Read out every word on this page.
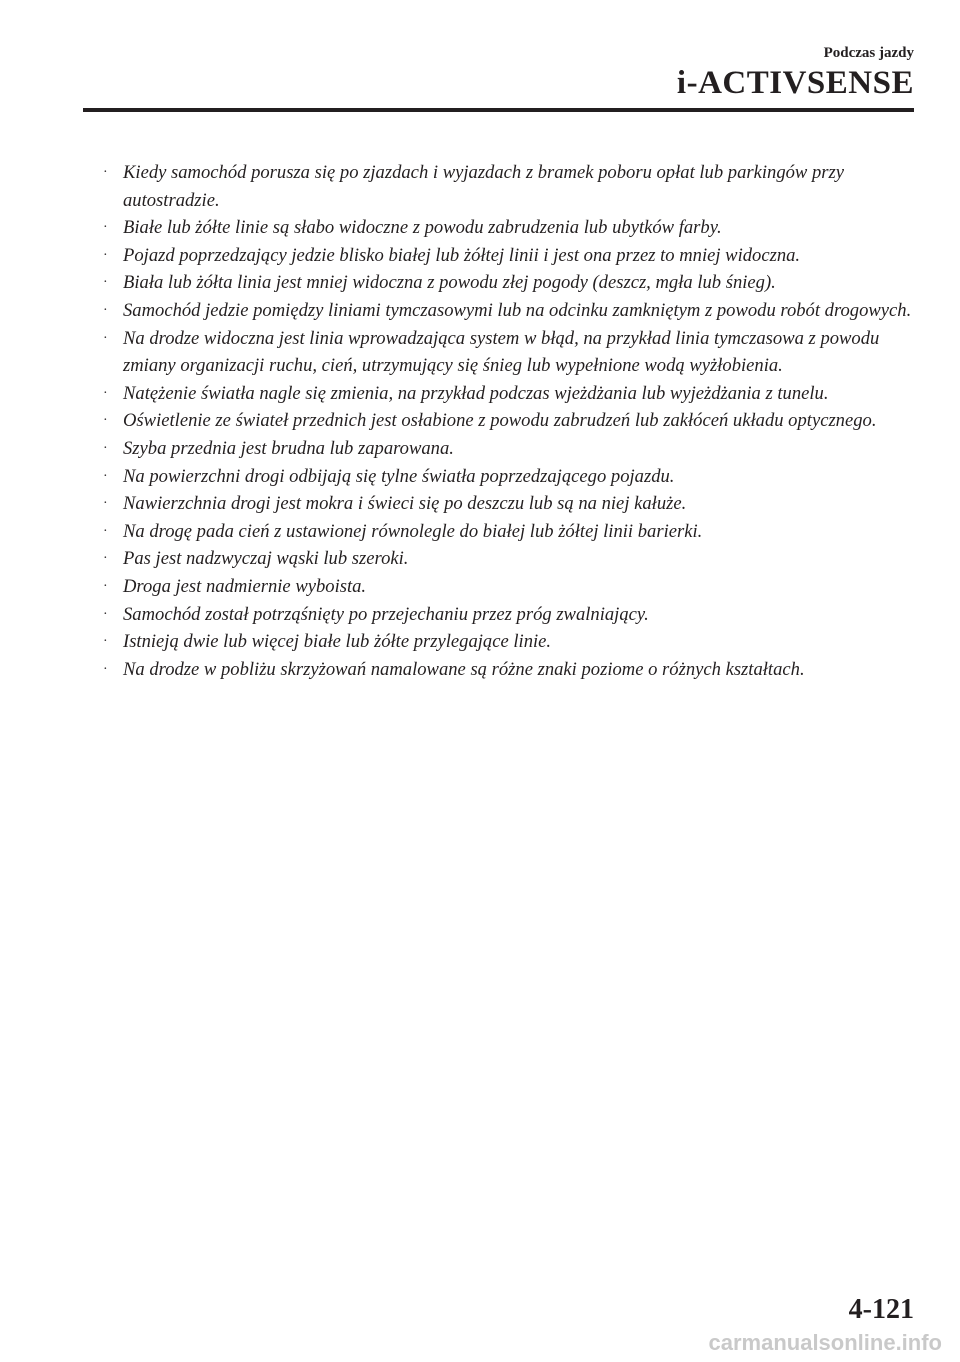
Podczas jazdy
i-ACTIVSENSE
· Kiedy samochód porusza się po zjazdach i wyjazdach z bramek poboru opłat lub parkingów przy autostradzie.
· Białe lub żółte linie są słabo widoczne z powodu zabrudzenia lub ubytków farby.
· Pojazd poprzedzający jedzie blisko białej lub żółtej linii i jest ona przez to mniej widoczna.
· Biała lub żółta linia jest mniej widoczna z powodu złej pogody (deszcz, mgła lub śnieg).
· Samochód jedzie pomiędzy liniami tymczasowymi lub na odcinku zamkniętym z powodu robót drogowych.
· Na drodze widoczna jest linia wprowadzająca system w błąd, na przykład linia tymczasowa z powodu zmiany organizacji ruchu, cień, utrzymujący się śnieg lub wypełnione wodą wyżłobienia.
· Natężenie światła nagle się zmienia, na przykład podczas wjeżdżania lub wyjeżdżania z tunelu.
· Oświetlenie ze świateł przednich jest osłabione z powodu zabrudzeń lub zakłóceń układu optycznego.
· Szyba przednia jest brudna lub zaparowana.
· Na powierzchni drogi odbijają się tylne światła poprzedzającego pojazdu.
· Nawierzchnia drogi jest mokra i świeci się po deszczu lub są na niej kałuże.
· Na drogę pada cień z ustawionej równolegle do białej lub żółtej linii barierki.
· Pas jest nadzwyczaj wąski lub szeroki.
· Droga jest nadmiernie wyboista.
· Samochód został potrząśnięty po przejechaniu przez próg zwalniający.
· Istnieją dwie lub więcej białe lub żółte przylegające linie.
· Na drodze w pobliżu skrzyżowań namalowane są różne znaki poziome o różnych kształtach.
4-121
carmanualsonline.info
